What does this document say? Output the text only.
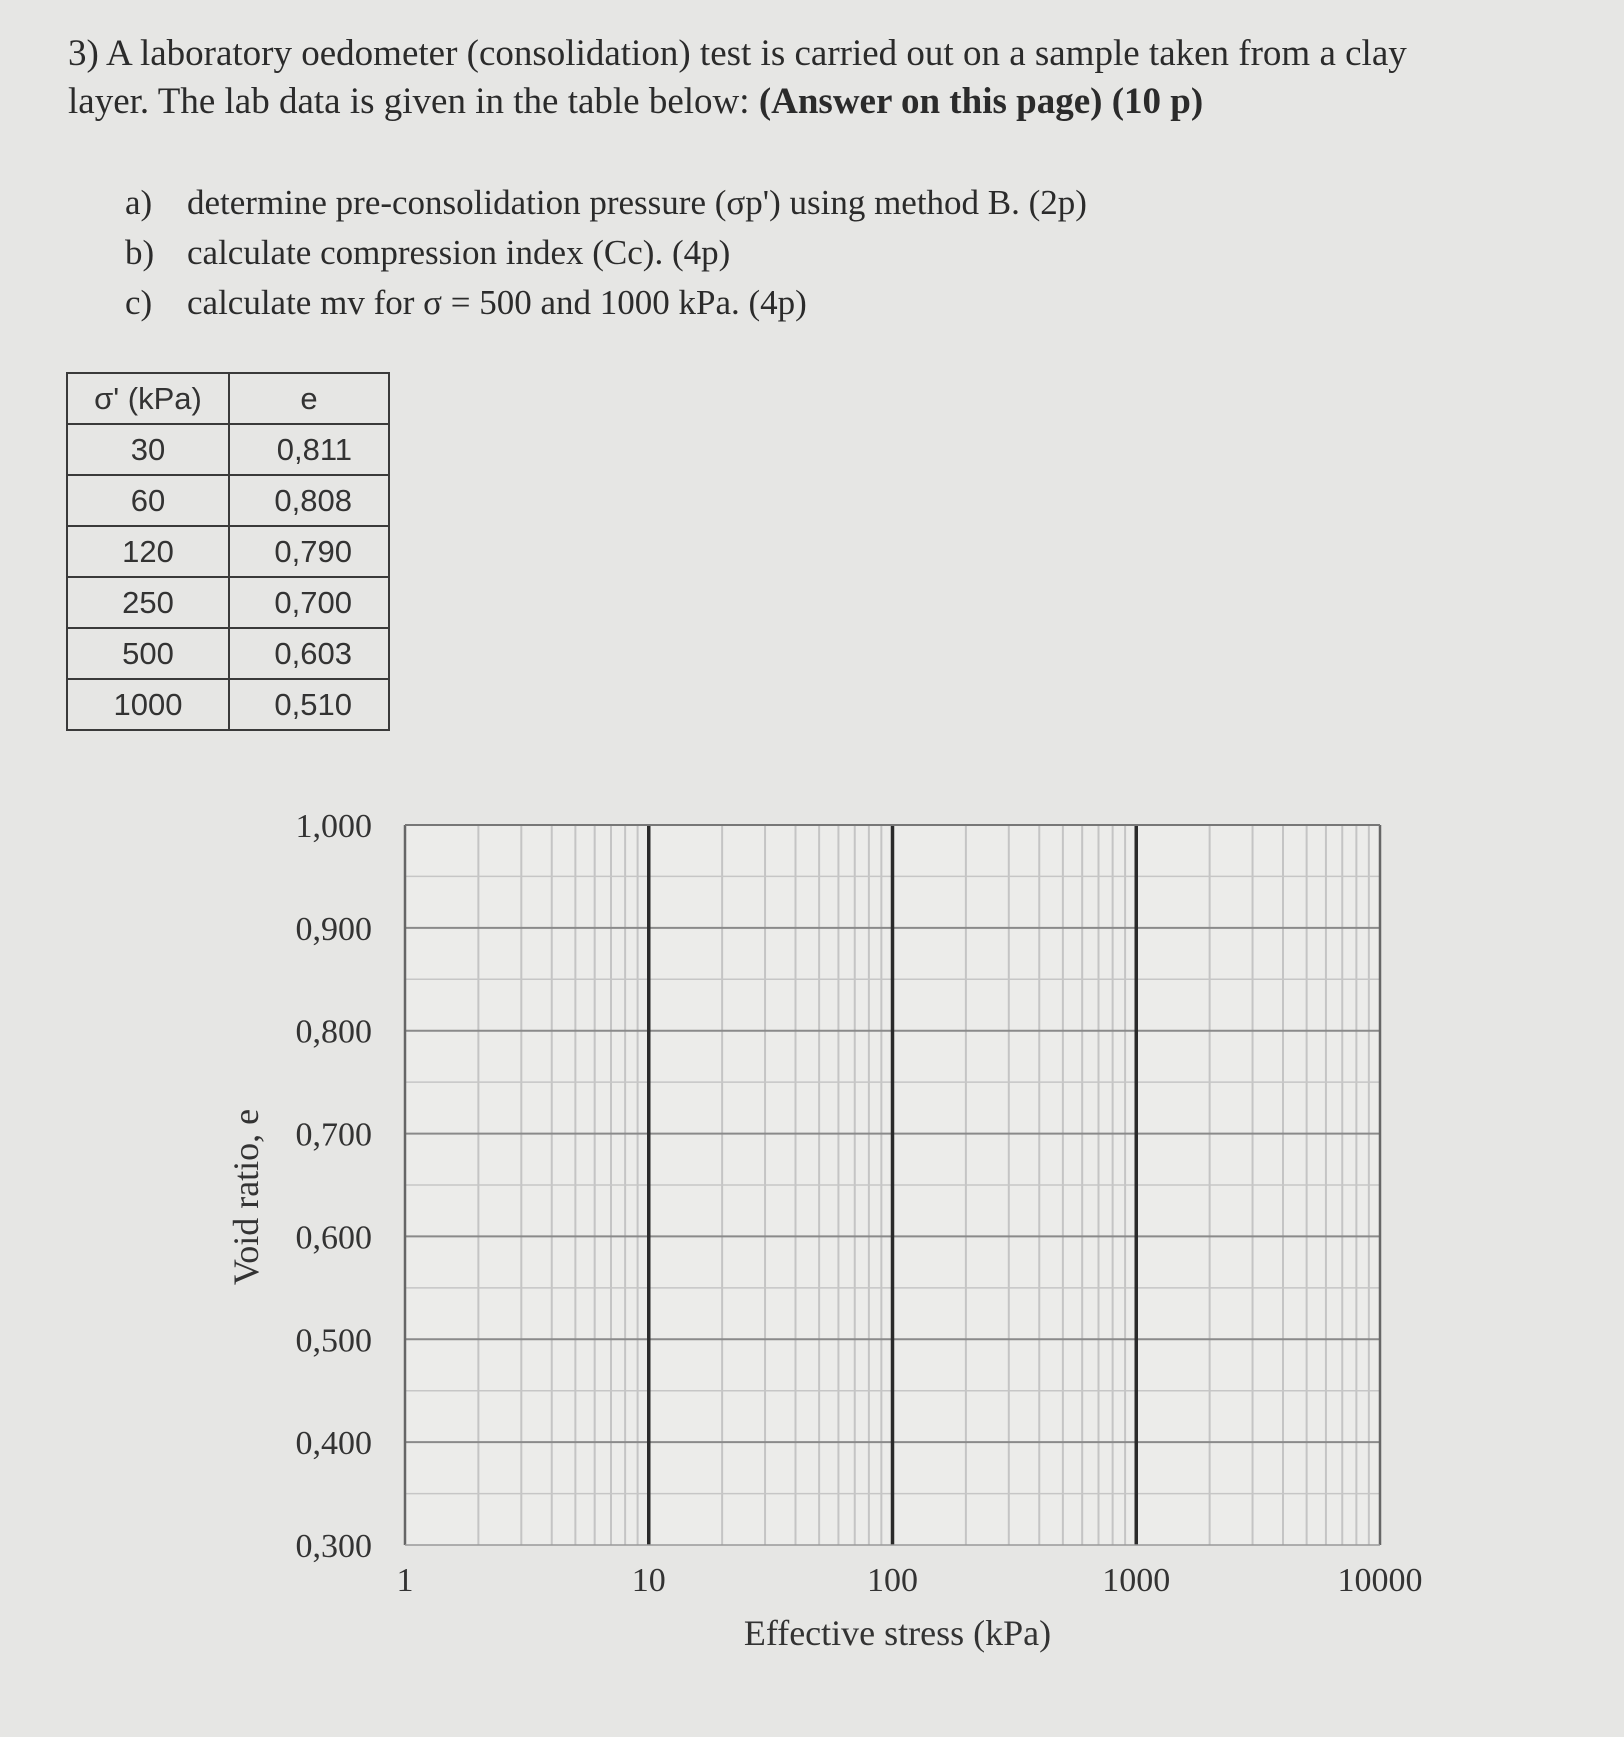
3) A laboratory oedometer (consolidation) test is carried out on a sample taken from a clay
layer. The lab data is given in the table below: (Answer on this page) (10 p)
a) determine pre-consolidation pressure (σp') using method B. (2p)
b) calculate compression index (Cc). (4p)
c) calculate mv for σ = 500 and 1000 kPa. (4p)
σ' (kPa)	e
30	0,811
60	0,808
120	0,790
250	0,700
500	0,603
1000	0,510
1,000
0,900
0,800
0,700
0,600
0,500
0,400
0,300
1	10	100	1000	10000
Effective stress (kPa)
Void ratio, e
